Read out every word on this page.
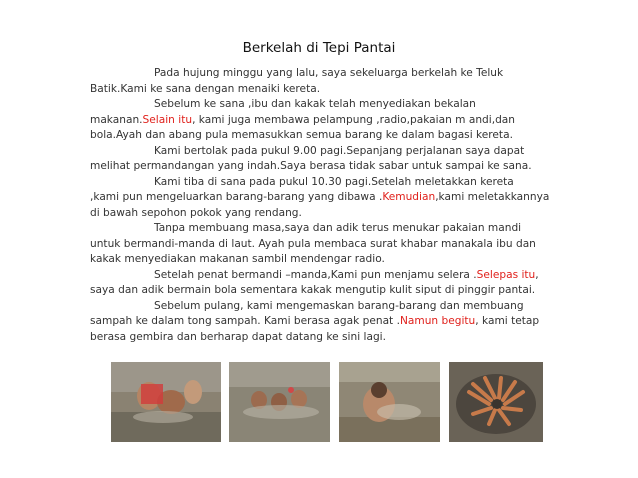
Berkelah di Tepi Pantai
Pada hujung minggu yang lalu, saya sekeluarga berkelah ke Teluk
Batik.Kami ke sana dengan menaiki kereta.
Sebelum ke sana ,ibu dan kakak telah menyediakan bekalan
makanan.Selain itu, kami juga membawa pelampung ,radio,pakaian m andi,dan
bola.Ayah dan abang pula memasukkan semua barang ke dalam bagasi kereta.
Kami bertolak pada pukul 9.00 pagi.Sepanjang perjalanan saya dapat
melihat permandangan yang indah.Saya berasa tidak sabar untuk sampai ke sana.
Kami tiba di sana pada pukul 10.30 pagi.Setelah meletakkan kereta
,kami pun mengeluarkan barang-barang yang dibawa .Kemudian,kami meletakkannya
di bawah sepohon pokok yang rendang.
Tanpa membuang masa,saya dan adik terus menukar pakaian mandi
untuk bermandi-manda di laut. Ayah pula membaca surat khabar manakala ibu dan
kakak menyediakan makanan sambil mendengar radio.
Setelah penat bermandi –manda,Kami pun menjamu selera .Selepas itu,
saya dan adik bermain bola sementara kakak mengutip kulit siput di pinggir pantai.
Sebelum pulang, kami mengemaskan barang-barang dan membuang
sampah ke dalam tong sampah. Kami berasa agak penat .Namun begitu, kami tetap
berasa gembira dan berharap dapat datang ke sini lagi.
